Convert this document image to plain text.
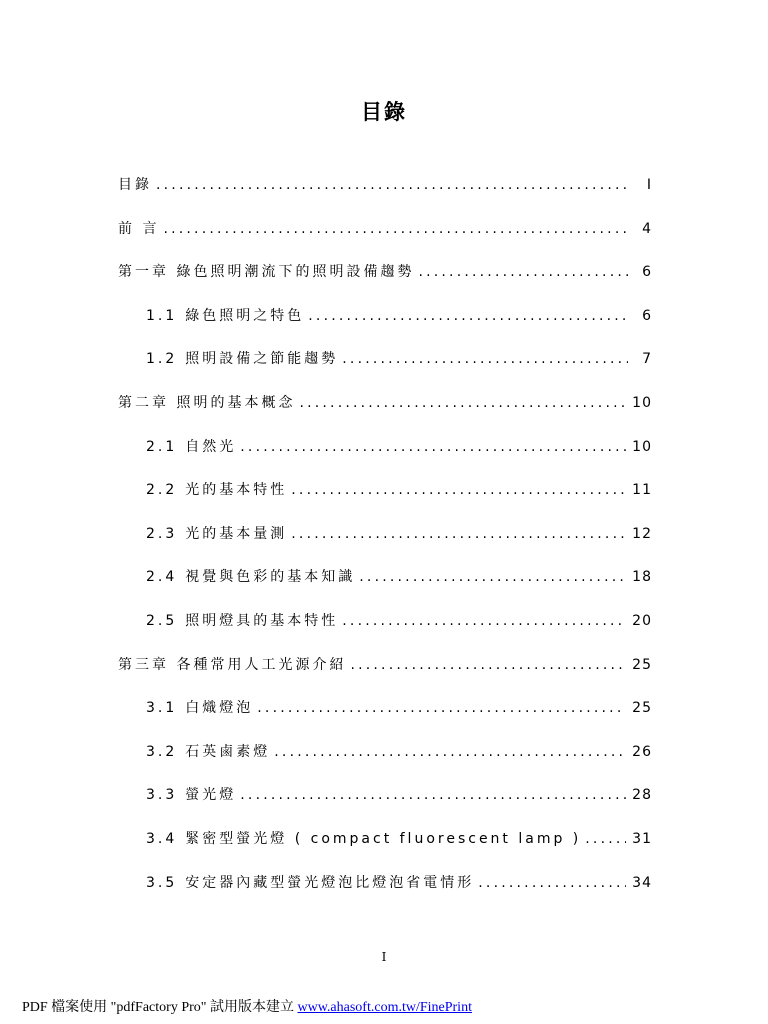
目錄
目錄 .....	I
前 言 .....	4
第一章 綠色照明潮流下的照明設備趨勢 .....	6
1.1 綠色照明之特色 .....	6
1.2 照明設備之節能趨勢 .....	7
第二章 照明的基本概念 .....	10
2.1 自然光 .....	10
2.2 光的基本特性 .....	11
2.3 光的基本量測 .....	12
2.4 視覺與色彩的基本知識 .....	18
2.5 照明燈具的基本特性 .....	20
第三章 各種常用人工光源介紹 .....	25
3.1 白熾燈泡 .....	25
3.2 石英鹵素燈 .....	26
3.3 螢光燈 .....	28
3.4 緊密型螢光燈 ( compact fluorescent lamp ) .....	31
3.5 安定器內藏型螢光燈泡比燈泡省電情形 .....	34
I
PDF 檔案使用 "pdfFactory Pro" 試用版本建立 www.ahasoft.com.tw/FinePrint
